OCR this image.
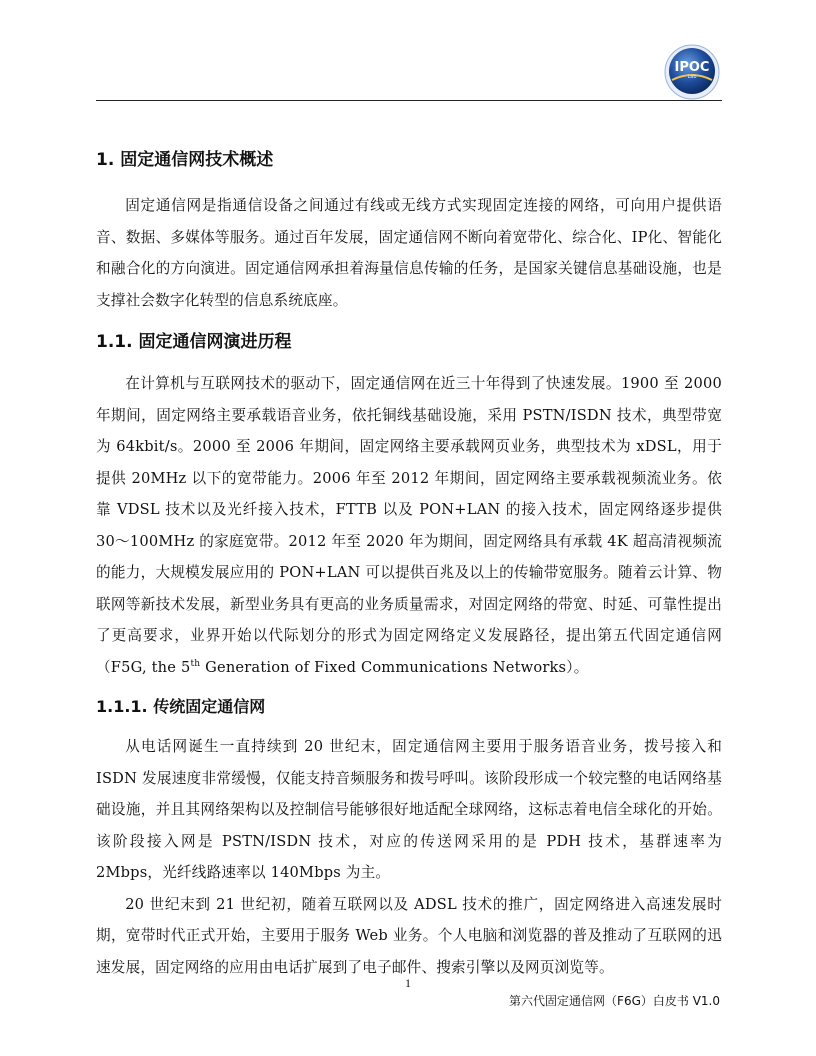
IPOC
Lab
1. 固定通信网技术概述

固定通信网是指通信设备之间通过有线或无线方式实现固定连接的网络，可向用户提供语音、数据、多媒体等服务。通过百年发展，固定通信网不断向着宽带化、综合化、IP化、智能化和融合化的方向演进。固定通信网承担着海量信息传输的任务，是国家关键信息基础设施，也是支撑社会数字化转型的信息系统底座。

1.1. 固定通信网演进历程

在计算机与互联网技术的驱动下，固定通信网在近三十年得到了快速发展。1900 至 2000 年期间，固定网络主要承载语音业务，依托铜线基础设施，采用 PSTN/ISDN 技术，典型带宽为 64kbit/s。2000 至 2006 年期间，固定网络主要承载网页业务，典型技术为 xDSL，用于提供 20MHz 以下的宽带能力。2006 年至 2012 年期间，固定网络主要承载视频流业务。依靠 VDSL 技术以及光纤接入技术，FTTB 以及 PON+LAN 的接入技术，固定网络逐步提供 30～100MHz 的家庭宽带。2012 年至 2020 年为期间，固定网络具有承载 4K 超高清视频流的能力，大规模发展应用的 PON+LAN 可以提供百兆及以上的传输带宽服务。随着云计算、物联网等新技术发展，新型业务具有更高的业务质量需求，对固定网络的带宽、时延、可靠性提出了更高要求，业界开始以代际划分的形式为固定网络定义发展路径，提出第五代固定通信网（F5G, the 5th Generation of Fixed Communications Networks）。

1.1.1. 传统固定通信网

从电话网诞生一直持续到 20 世纪末，固定通信网主要用于服务语音业务，拨号接入和 ISDN 发展速度非常缓慢，仅能支持音频服务和拨号呼叫。该阶段形成一个较完整的电话网络基础设施，并且其网络架构以及控制信号能够很好地适配全球网络，这标志着电信全球化的开始。该阶段接入网是 PSTN/ISDN 技术，对应的传送网采用的是 PDH 技术，基群速率为 2Mbps，光纤线路速率以 140Mbps 为主。

20 世纪末到 21 世纪初，随着互联网以及 ADSL 技术的推广，固定网络进入高速发展时期，宽带时代正式开始，主要用于服务 Web 业务。个人电脑和浏览器的普及推动了互联网的迅速发展，固定网络的应用由电话扩展到了电子邮件、搜索引擎以及网页浏览等。

1
第六代固定通信网（F6G）白皮书 V1.0
